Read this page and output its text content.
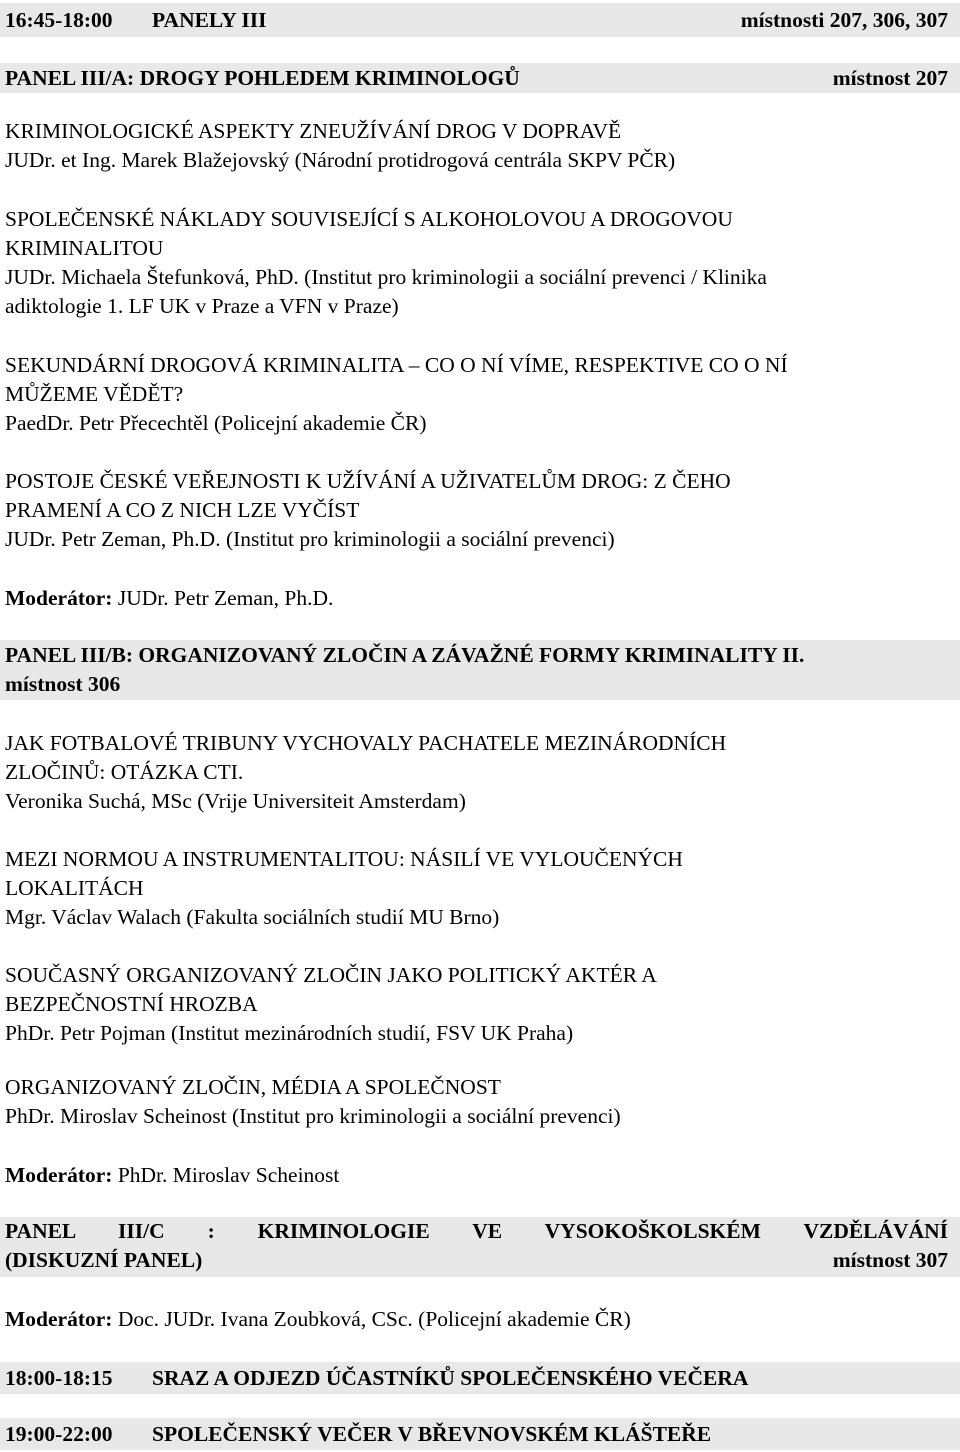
16:45-18:00 PANELY III	místnosti 207, 306, 307
PANEL III/A: DROGY POHLEDEM KRIMINOLOGŮ	místnost 207
KRIMINOLOGICKÉ ASPEKTY ZNEUŽÍVÁNÍ DROG V DOPRAVĚ
JUDr. et Ing. Marek Blažejovský (Národní protidrogová centrála SKPV PČR)
SPOLEČENSKÉ NÁKLADY SOUVISEJÍCÍ S ALKOHOLOVOU A DROGOVOU
KRIMINALITOU
JUDr. Michaela Štefunková, PhD. (Institut pro kriminologii a sociální prevenci / Klinika
adiktologie 1. LF UK v Praze a VFN v Praze)
SEKUNDÁRNÍ DROGOVÁ KRIMINALITA – CO O NÍ VÍME, RESPEKTIVE CO O NÍ
MŮŽEME VĚDĚT?
PaedDr. Petr Přecechtěl (Policejní akademie ČR)
POSTOJE ČESKÉ VEŘEJNOSTI K UŽÍVÁNÍ A UŽIVATELŮM DROG: Z ČEHO
PRAMENÍ A CO Z NICH LZE VYČÍST
JUDr. Petr Zeman, Ph.D. (Institut pro kriminologii a sociální prevenci)
Moderátor: JUDr. Petr Zeman, Ph.D.
PANEL III/B: ORGANIZOVANÝ ZLOČIN A ZÁVAŽNÉ FORMY KRIMINALITY II.
místnost 306
JAK FOTBALOVÉ TRIBUNY VYCHOVALY PACHATELE MEZINÁRODNÍCH
ZLOČINŮ: OTÁZKA CTI.
Veronika Suchá, MSc (Vrije Universiteit Amsterdam)
MEZI NORMOU A INSTRUMENTALITOU: NÁSILÍ VE VYLOUČENÝCH
LOKALITÁCH
Mgr. Václav Walach (Fakulta sociálních studií MU Brno)
SOUČASNÝ ORGANIZOVANÝ ZLOČIN JAKO POLITICKÝ AKTÉR A
BEZPEČNOSTNÍ HROZBA
PhDr. Petr Pojman (Institut mezinárodních studií, FSV UK Praha)
ORGANIZOVANÝ ZLOČIN, MÉDIA A SPOLEČNOST
PhDr. Miroslav Scheinost (Institut pro kriminologii a sociální prevenci)
Moderátor: PhDr. Miroslav Scheinost
PANEL III/C : KRIMINOLOGIE VE VYSOKOŠKOLSKÉM VZDĚLÁVÁNÍ
(DISKUZNÍ PANEL)	místnost 307
Moderátor: Doc. JUDr. Ivana Zoubková, CSc. (Policejní akademie ČR)
18:00-18:15 SRAZ A ODJEZD ÚČASTNÍKŮ SPOLEČENSKÉHO VEČERA
19:00-22:00 SPOLEČENSKÝ VEČER V BŘEVNOVSKÉM KLÁŠTEŘE
